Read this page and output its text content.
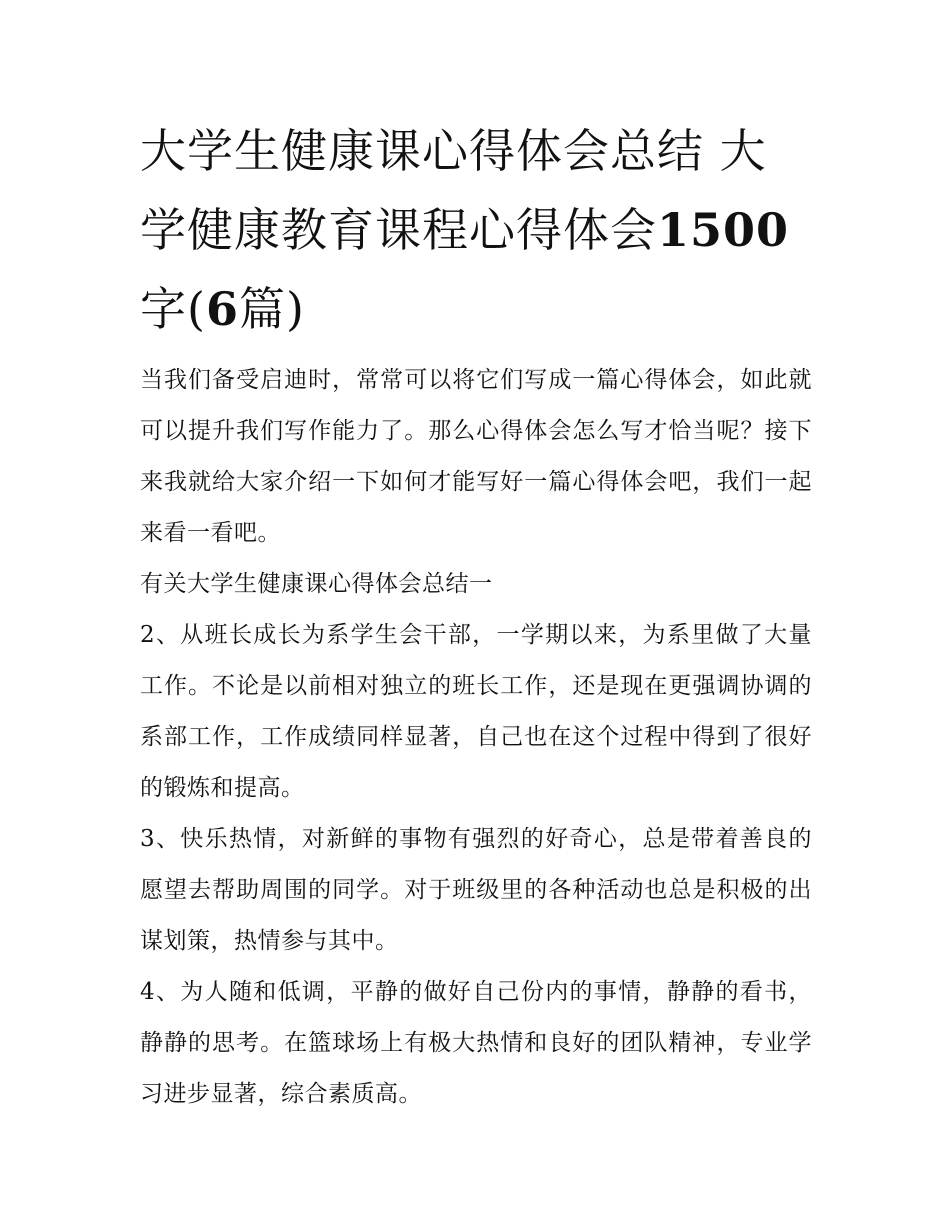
大学生健康课心得体会总结 大学健康教育课程心得体会1500字(6篇)

当我们备受启迪时，常常可以将它们写成一篇心得体会，如此就可以提升我们写作能力了。那么心得体会怎么写才恰当呢？接下来我就给大家介绍一下如何才能写好一篇心得体会吧，我们一起来看一看吧。

有关大学生健康课心得体会总结一

2、从班长成长为系学生会干部，一学期以来，为系里做了大量工作。不论是以前相对独立的班长工作，还是现在更强调协调的系部工作，工作成绩同样显著，自己也在这个过程中得到了很好的锻炼和提高。

3、快乐热情，对新鲜的事物有强烈的好奇心，总是带着善良的愿望去帮助周围的同学。对于班级里的各种活动也总是积极的出谋划策，热情参与其中。

4、为人随和低调，平静的做好自己份内的事情，静静的看书，静静的思考。在篮球场上有极大热情和良好的团队精神，专业学习进步显著，综合素质高。
